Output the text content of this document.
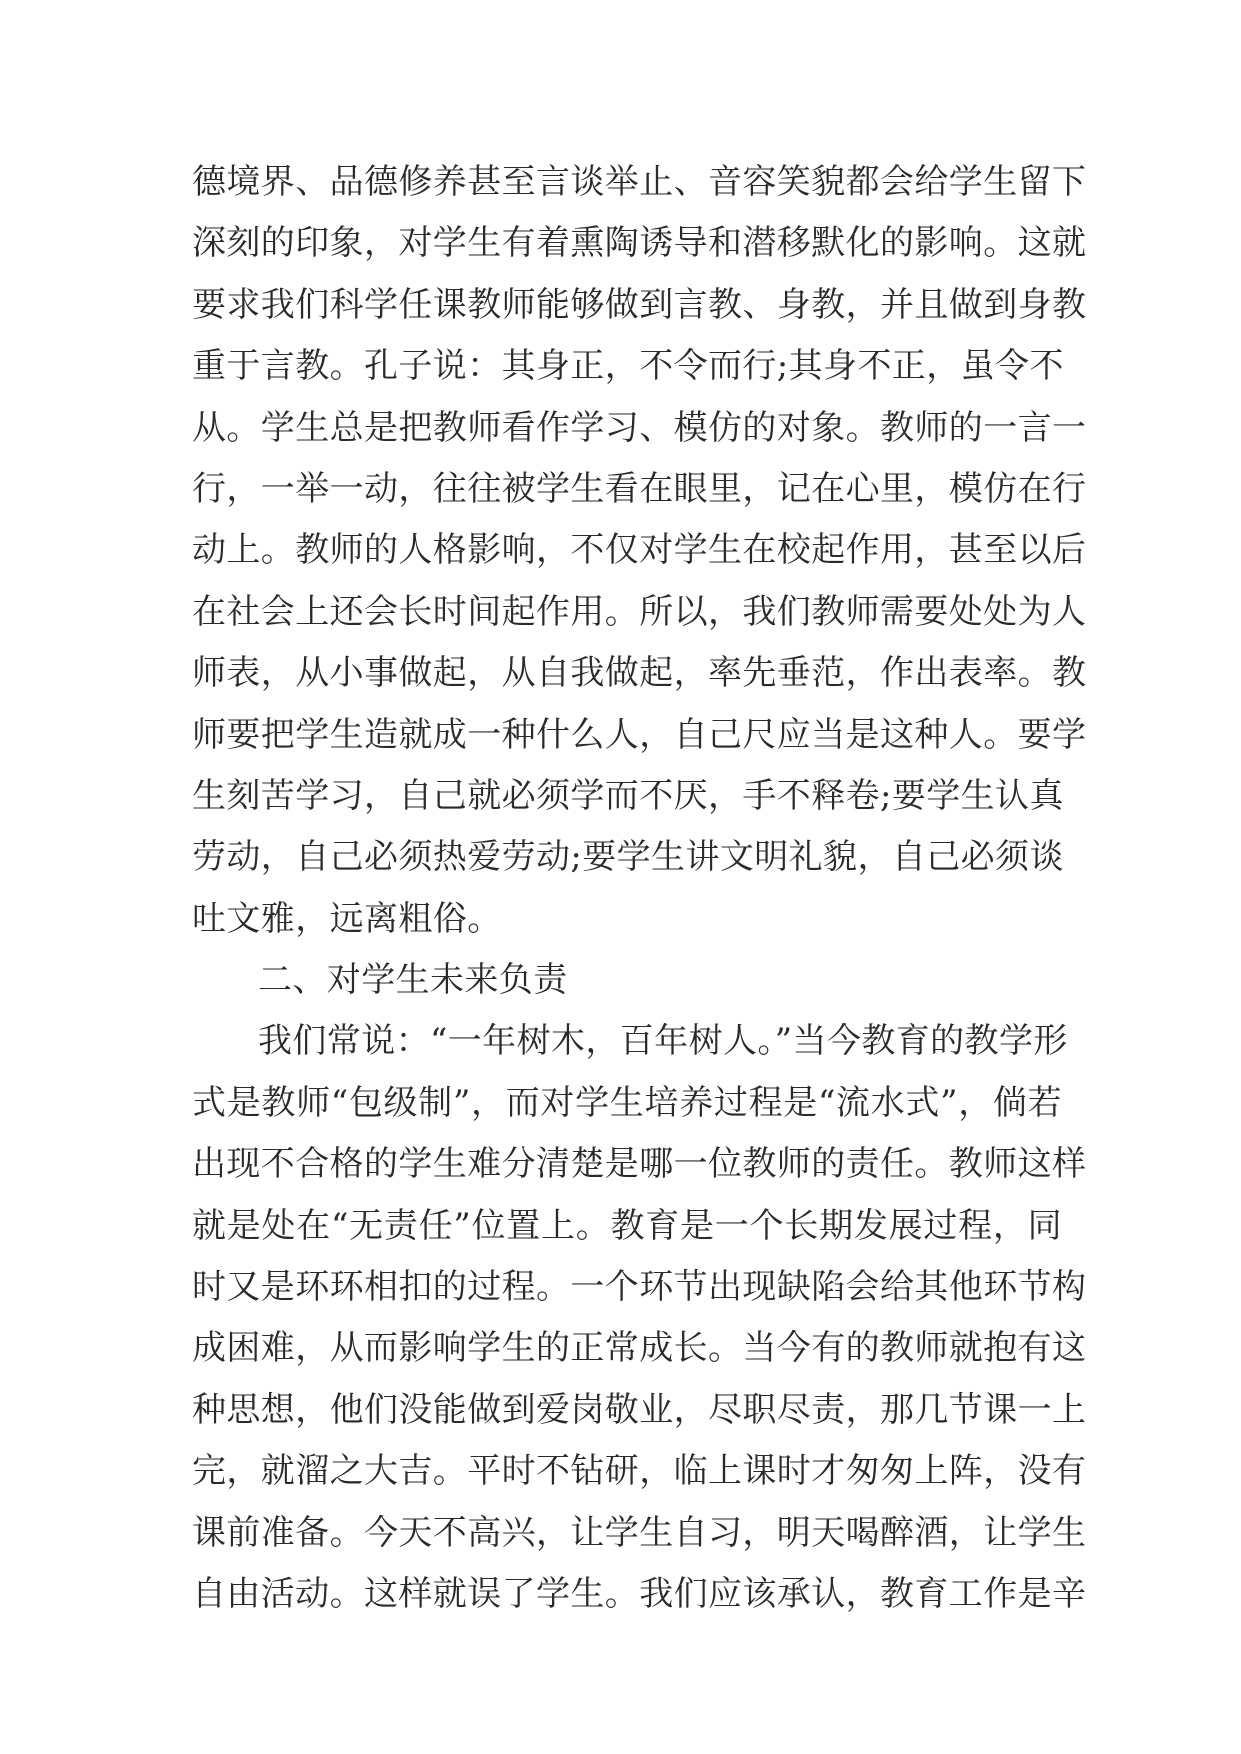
德境界、品德修养甚至言谈举止、音容笑貌都会给学生留下
深刻的印象，对学生有着熏陶诱导和潜移默化的影响。这就
要求我们科学任课教师能够做到言教、身教，并且做到身教
重于言教。孔子说：其身正，不令而行;其身不正，虽令不
从。学生总是把教师看作学习、模仿的对象。教师的一言一
行，一举一动，往往被学生看在眼里，记在心里，模仿在行
动上。教师的人格影响，不仅对学生在校起作用，甚至以后
在社会上还会长时间起作用。所以，我们教师需要处处为人
师表，从小事做起，从自我做起，率先垂范，作出表率。教
师要把学生造就成一种什么人，自己尺应当是这种人。要学
生刻苦学习，自己就必须学而不厌，手不释卷;要学生认真
劳动，自己必须热爱劳动;要学生讲文明礼貌，自己必须谈
吐文雅，远离粗俗。
二、对学生未来负责
我们常说：“一年树木，百年树人。”当今教育的教学形
式是教师“包级制”，而对学生培养过程是“流水式”，倘若
出现不合格的学生难分清楚是哪一位教师的责任。教师这样
就是处在“无责任”位置上。教育是一个长期发展过程，同
时又是环环相扣的过程。一个环节出现缺陷会给其他环节构
成困难，从而影响学生的正常成长。当今有的教师就抱有这
种思想，他们没能做到爱岗敬业，尽职尽责，那几节课一上
完，就溜之大吉。平时不钻研，临上课时才匆匆上阵，没有
课前准备。今天不高兴，让学生自习，明天喝醉酒，让学生
自由活动。这样就误了学生。我们应该承认，教育工作是辛
